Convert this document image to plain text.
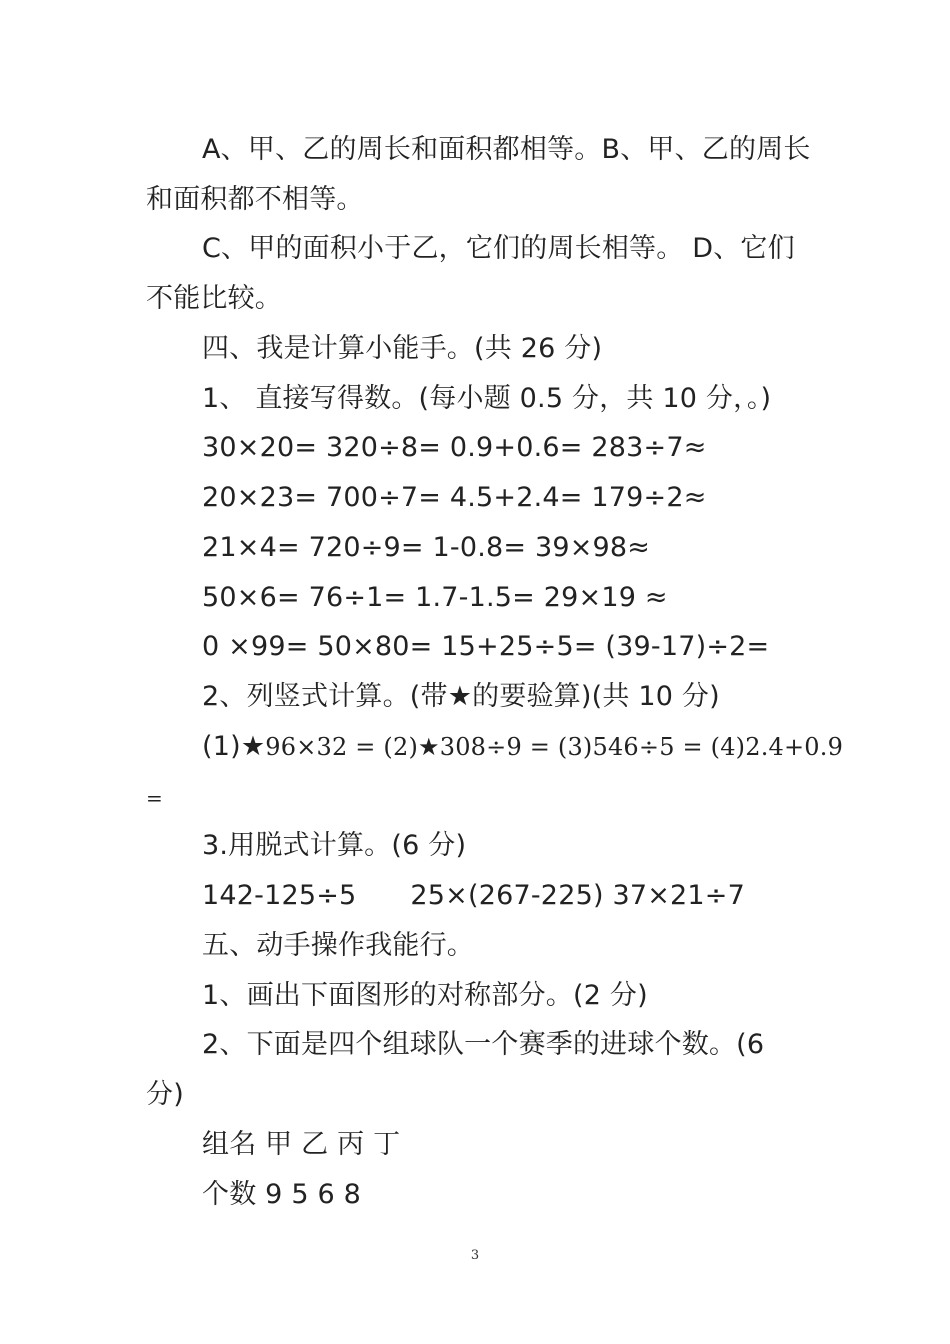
A、甲、乙的周长和面积都相等。B、甲、乙的周长
和面积都不相等。
C、甲的面积小于乙，它们的周长相等。 D、它们
不能比较。
四、我是计算小能手。(共 26 分)
1、 直接写得数。(每小题 0.5 分，共 10 分，。)
30×20= 320÷8= 0.9+0.6= 283÷7≈
20×23= 700÷7= 4.5+2.4= 179÷2≈
21×4= 720÷9= 1-0.8= 39×98≈
50×6= 76÷1= 1.7-1.5= 29×19 ≈
0 ×99= 50×80= 15+25÷5= (39-17)÷2=
2、列竖式计算。(带★的要验算)(共 10 分)
(1)★96×32 = (2)★308÷9 = (3)546÷5 = (4)2.4+0.9
=
3.用脱式计算。(6 分)
142-125÷5 25×(267-225) 37×21÷7
五、动手操作我能行。
1、画出下面图形的对称部分。(2 分)
2、下面是四个组球队一个赛季的进球个数。(6
分)
组名 甲 乙 丙 丁
个数 9 5 6 8
3
